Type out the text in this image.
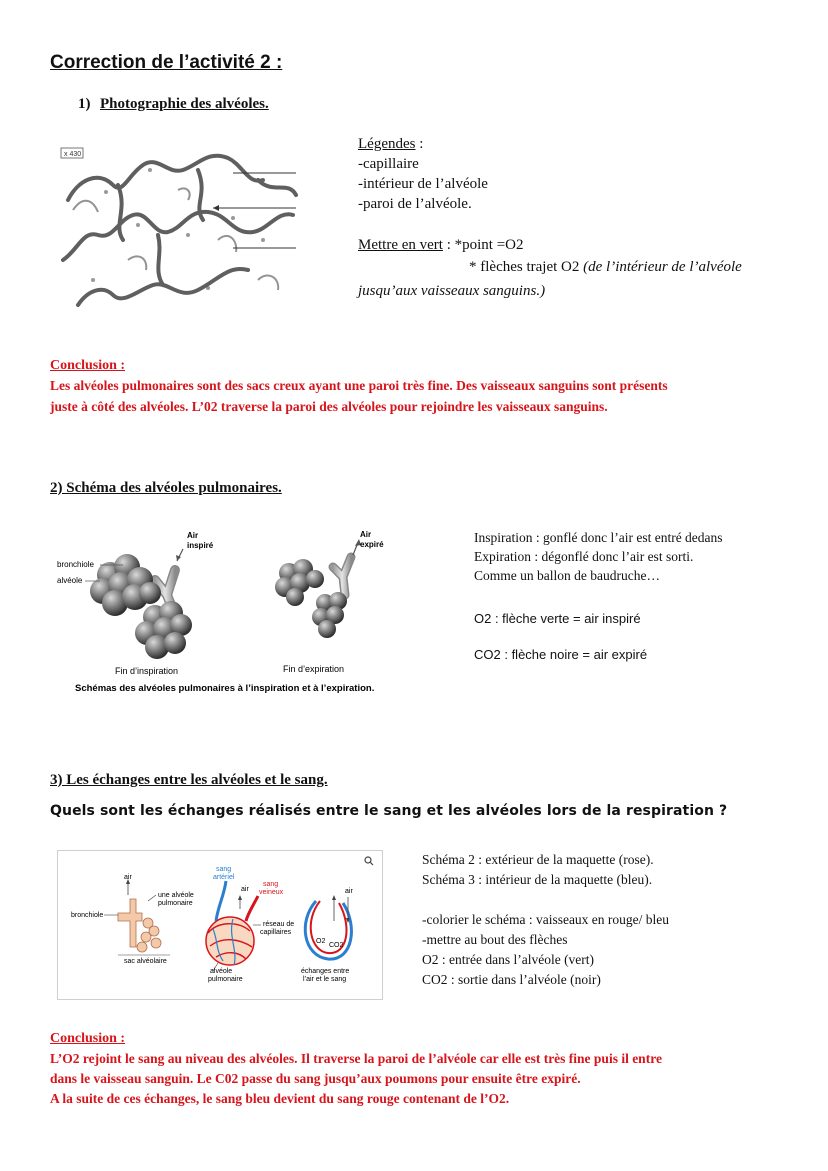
Correction de l’activité 2 :
1) Photographie des alvéoles.
x 430
Légendes :
-capillaire
-intérieur de l’alvéole
-paroi de l’alvéole.
Mettre en vert : *point =O2
* flèches trajet O2 (de l’intérieur de l’alvéole
jusqu’aux vaisseaux sanguins.)
Conclusion :
Les alvéoles pulmonaires sont des sacs creux ayant une paroi très fine. Des vaisseaux sanguins sont présents
juste à côté des alvéoles. L’02 traverse la paroi des alvéoles pour rejoindre les vaisseaux sanguins.
2) Schéma des alvéoles pulmonaires.
bronchiole
alvéole
Air
inspiré
Fin d’inspiration
Air
expiré
Fin d’expiration
Schémas des alvéoles pulmonaires à l’inspiration et à l’expiration.
Inspiration : gonflé donc l’air est entré dedans
Expiration : dégonflé donc l’air est sorti.
Comme un ballon de baudruche…
O2 : flèche verte = air inspiré
CO2 : flèche noire = air expiré
3) Les échanges entre les alvéoles et le sang.
Quels sont les échanges réalisés entre le sang et les alvéoles lors de la respiration ?
air
bronchiole
une alvéole
pulmonaire
sac alvéolaire
sang
artériel
sang
veineux
air
réseau de
capillaires
alvéole
pulmonaire
air
O2
CO2
échanges entre
l’air et le sang
Schéma 2 : extérieur de la maquette (rose).
Schéma 3 : intérieur de la maquette (bleu).
-colorier le schéma : vaisseaux en rouge/ bleu
-mettre au bout des flèches
O2 : entrée dans l’alvéole (vert)
CO2 : sortie dans l’alvéole (noir)
Conclusion :
L’O2 rejoint le sang au niveau des alvéoles. Il traverse la paroi de l’alvéole car elle est très fine puis il entre
dans le vaisseau sanguin. Le C02 passe du sang jusqu’aux poumons pour ensuite être expiré.
A la suite de ces échanges, le sang bleu devient du sang rouge contenant de l’O2.
